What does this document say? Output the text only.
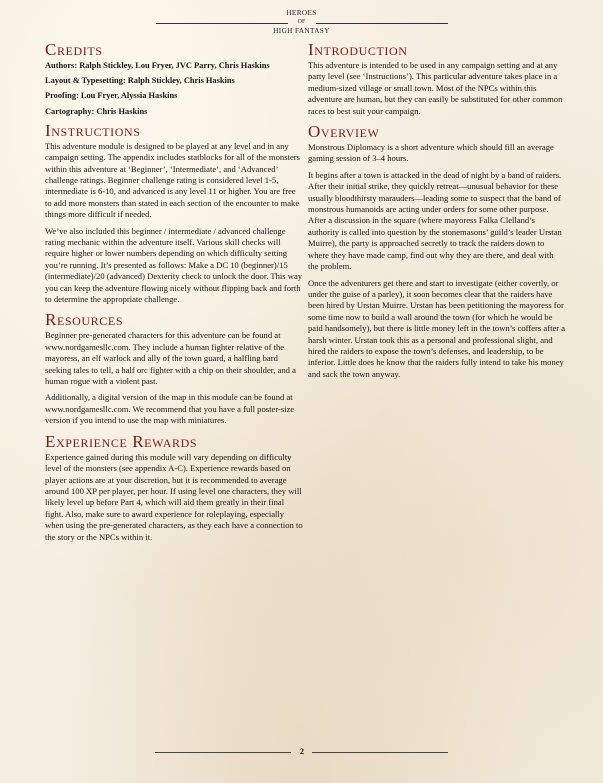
HEROES
OF
HIGH FANTASY
Credits

Authors: Ralph Stickley, Lou Fryer, JVC Parry, Chris Haskins

Layout & Typesetting: Ralph Stickley, Chris Haskins

Proofing: Lou Fryer, Alyssia Haskins

Cartography: Chris Haskins

Instructions

This adventure module is designed to be played at any level and in any campaign setting. The appendix includes statblocks for all of the monsters within this adventure at ‘Beginner’, ‘Intermediate’, and ‘Advanced’ challenge ratings. Beginner challenge rating is considered level 1-5, intermediate is 6-10, and advanced is any level 11 or higher. You are free to add more monsters than stated in each section of the encounter to make things more difficult if needed.

We’ve also included this beginner / intermediate / advanced challenge rating mechanic within the adventure itself. Various skill checks will require higher or lower numbers depending on which difficulty setting you’re running. It’s presented as follows: Make a DC 10 (beginner)/15 (intermediate)/20 (advanced) Dexterity check to unlock the door. This way you can keep the adventure flowing nicely without flipping back and forth to determine the appropriate challenge.

Resources

Beginner pre-generated characters for this adventure can be found at www.nordgamesllc.com. They include a human fighter relative of the mayoress, an elf warlock and ally of the town guard, a halfling bard seeking tales to tell, a half orc fighter with a chip on their shoulder, and a human rogue with a violent past.

Additionally, a digital version of the map in this module can be found at www.nordgamesllc.com. We recommend that you have a full poster-size version if you intend to use the map with miniatures.

Experience Rewards

Experience gained during this module will vary depending on difficulty level of the monsters (see appendix A-C). Experience rewards based on player actions are at your discretion, but it is recommended to average around 100 XP per player, per hour. If using level one characters, they will likely level up before Part 4, which will aid them greatly in their final fight. Also, make sure to award experience for roleplaying, especially when using the pre-generated characters, as they each have a connection to the story or the NPCs within it.

Introduction

This adventure is intended to be used in any campaign setting and at any party level (see ‘Instructions’). This particular adventure takes place in a medium-sized village or small town. Most of the NPCs within this adventure are human, but they can easily be substituted for other common races to best suit your campaign.

Overview

Monstrous Diplomacy is a short adventure which should fill an average gaming session of 3–4 hours.

It begins after a town is attacked in the dead of night by a band of raiders. After their initial strike, they quickly retreat—unusual behavior for these usually bloodthirsty marauders—leading some to suspect that the band of monstrous humanoids are acting under orders for some other purpose. After a discussion in the square (where mayoress Falka Clelland’s authority is called into question by the stonemasons’ guild’s leader Urstan Muirre), the party is approached secretly to track the raiders down to where they have made camp, find out why they are there, and deal with the problem.

Once the adventurers get there and start to investigate (either covertly, or under the guise of a parley), it soon becomes clear that the raiders have been hired by Urstan Muirre. Urstan has been petitioning the mayoress for some time now to build a wall around the town (for which he would be paid handsomely), but there is little money left in the town’s coffers after a harsh winter. Urstan took this as a personal and professional slight, and hired the raiders to expose the town’s defenses, and leadership, to be inferior. Little does he know that the raiders fully intend to take his money and sack the town anyway.

2
